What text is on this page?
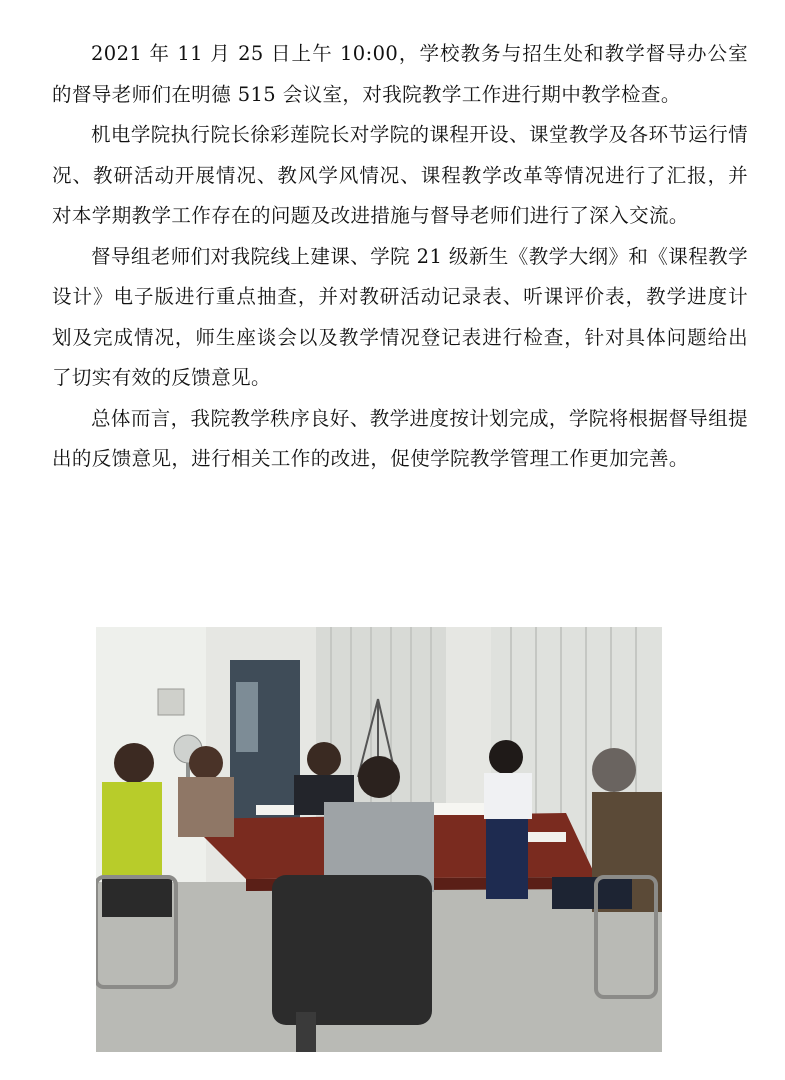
2021 年 11 月 25 日上午 10:00，学校教务与招生处和教学督导办公室的督导老师们在明德 515 会议室，对我院教学工作进行期中教学检查。

机电学院执行院长徐彩莲院长对学院的课程开设、课堂教学及各环节运行情况、教研活动开展情况、教风学风情况、课程教学改革等情况进行了汇报，并对本学期教学工作存在的问题及改进措施与督导老师们进行了深入交流。

督导组老师们对我院线上建课、学院 21 级新生《教学大纲》和《课程教学设计》电子版进行重点抽查，并对教研活动记录表、听课评价表，教学进度计划及完成情况，师生座谈会以及教学情况登记表进行检查，针对具体问题给出了切实有效的反馈意见。

总体而言，我院教学秩序良好、教学进度按计划完成，学院将根据督导组提出的反馈意见，进行相关工作的改进，促使学院教学管理工作更加完善。
